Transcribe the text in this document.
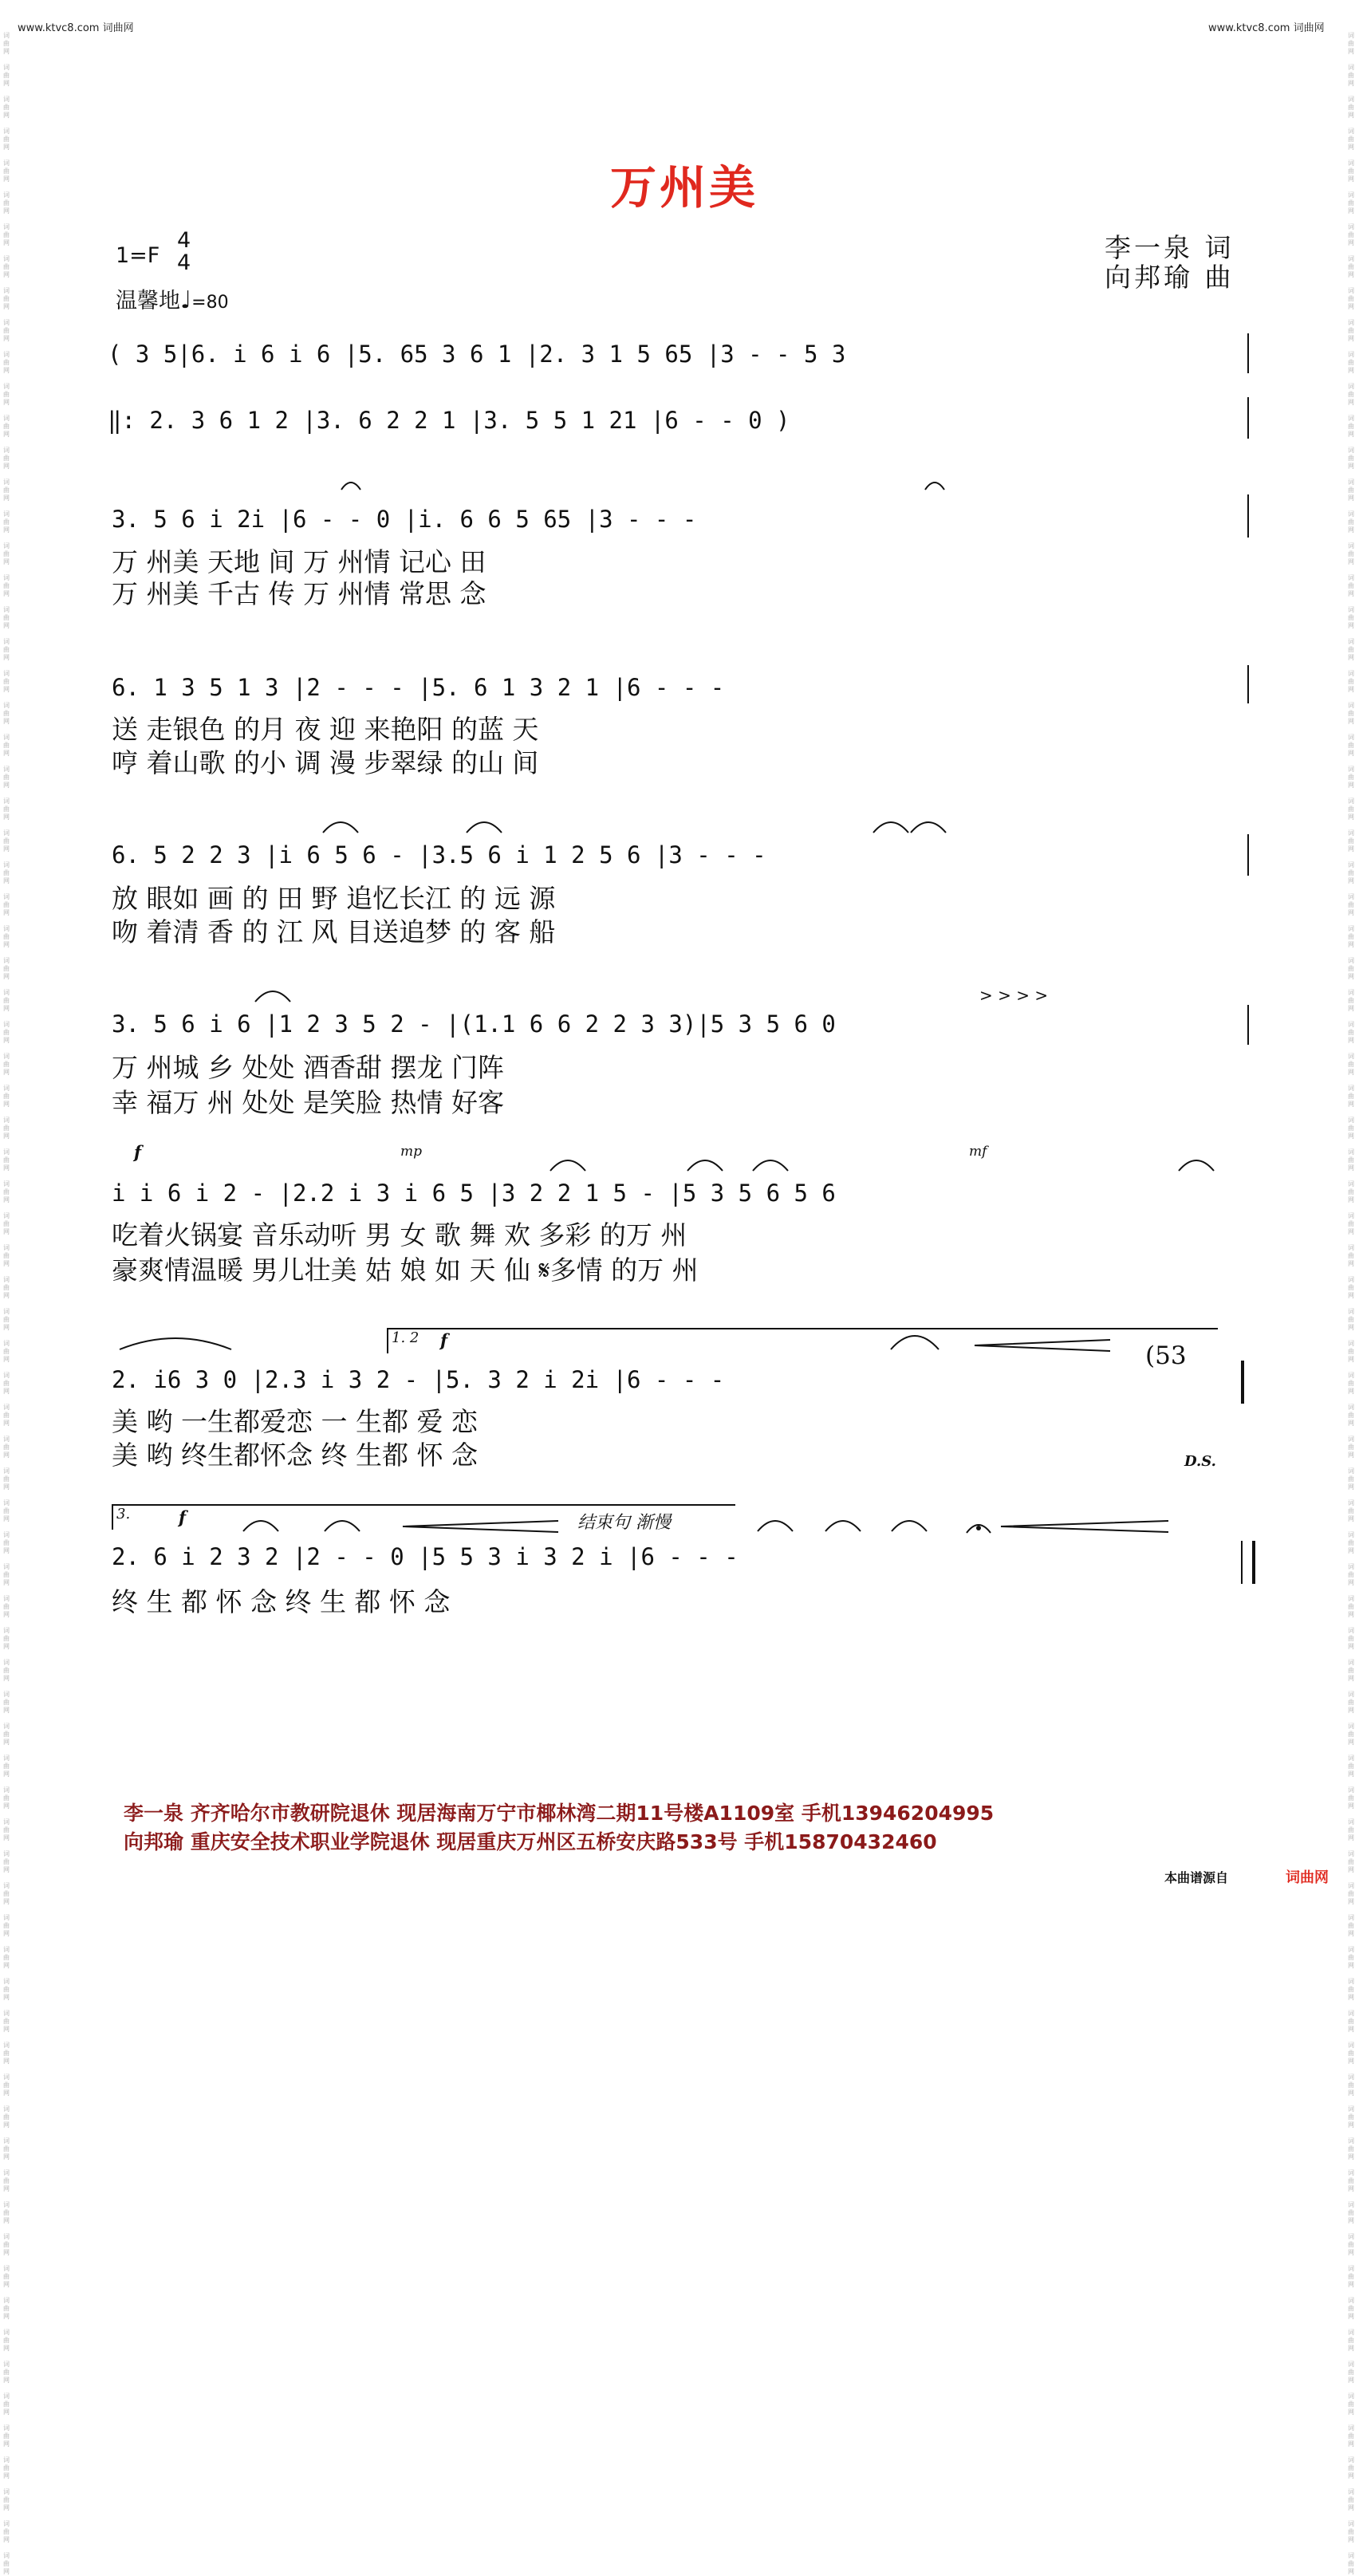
www.ktvc8.com 词曲网	www.ktvc8.com 词曲网
词
曲
网

词
曲
网

词
曲
网

词
曲
网

词
曲
网

词
曲
网

词
曲
网

词
曲
网

词
曲
网

词
曲
网

词
曲
网

词
曲
网

词
曲
网

词
曲
网

词
曲
网

词
曲
网

词
曲
网

词
曲
网

词
曲
网

词
曲
网

词
曲
网

词
曲
网

词
曲
网

词
曲
网

词
曲
网

词
曲
网

词
曲
网

词
曲
网

词
曲
网

词
曲
网

词
曲
网

词
曲
网

词
曲
网

词
曲
网

词
曲
网

词
曲
网

词
曲
网

词
曲
网

词
曲
网

词
曲
网

词
曲
网

词
曲
网

词
曲
网

词
曲
网

词
曲
网

词
曲
网

词
曲
网

词
曲
网

词
曲
网

词
曲
网

词
曲
网

词
曲
网

词
曲
网

词
曲
网

词
曲
网

词
曲
网

词
曲
网

词
曲
网

词
曲
网

词
曲
网

词
曲
网

词
曲
网

词
曲
网

词
曲
网

词
曲
网

词
曲
网

词
曲
网

词
曲
网

词
曲
网

词
曲
网

词
曲
网

词
曲
网

词
曲
网

词
曲
网

词
曲
网

词
曲
网

词
曲
网

词
曲
网

词
曲
网

词
曲
网

词
曲
网

词
曲
网

词
曲
网

词
曲
网

词
曲
网

词
曲
网

词
曲
网

词
曲
网

词
曲
网

词
曲
网

词
曲
网

词
曲
网

词
曲
网

词
曲
网

词
曲
网

词
曲
网

词
曲
网

词
曲
网

词
曲
网

词
曲
网

词
曲
网

词
曲
网

词
曲
网

词
曲
网

词
曲
网

词
曲
网

词
曲
网

词
曲
网

词
曲
网

词
曲
网

词
曲
网

词
曲
网

词
曲
网

词
曲
网

词
曲
网

词
曲
网

词
曲
网

词
曲
网

词
曲
网

词
曲
网

词
曲
网

词
曲
网

词
曲
网

词
曲
网

词
曲
网

词
曲
网

词
曲
网

词
曲
网

词
曲
网

词
曲
网

词
曲
网

词
曲
网

词
曲
网

词
曲
网

词
曲
网

词
曲
网

词
曲
网

词
曲
网

词
曲
网

词
曲
网

词
曲
网

词
曲
网

词
曲
网

词
曲
网

词
曲
网

词
曲
网

词
曲
网

词
曲
网

词
曲
网

词
曲
网

词
曲
网

词
曲
网

词
曲
网

词
曲
网

词
曲
网

词
曲
网

词
曲
网

词
曲
网

词
曲
网

词
曲
网

万州美
1=F
4
4
温馨地♩=80
李一泉 词
向邦瑜 曲
( 3 5|6. i 6 i 6 |5. 65 3 6 1 |2. 3 1 5 65 |3 - - 5 3
‖: 2. 3 6 1 2 |3. 6 2 2 1 |3. 5 5 1 21 |6 - - 0 )
3. 5 6 i 2i |6 - - 0 |i. 6 6 5 65 |3 - - -
万 州美 天地 间 万 州情 记心 田
万 州美 千古 传 万 州情 常思 念
6. 1 3 5 1 3 |2 - - - |5. 6 1 3 2 1 |6 - - -
送 走银色 的月 夜 迎 来艳阳 的蓝 天
哼 着山歌 的小 调 漫 步翠绿 的山 间
6. 5 2 2 3 |i 6 5 6 - |3.5 6 i 1 2 5 6 |3 - - -
放 眼如 画 的 田 野 追忆长江 的 远 源
吻 着清 香 的 江 风 目送追梦 的 客 船
3. 5 6 i 6 |1 2 3 5 2 - |(1.1 6 6 2 2 3 3)|5 3 5 6 0
万 州城 乡 处处 酒香甜 摆龙 门阵
幸 福万 州 处处 是笑脸 热情 好客
i i 6 i 2 - |2.2 i 3 i 6 5 |3 2 2 1 5 - |5 3 5 6 5 6
吃着火锅宴 音乐动听 男 女 歌 舞 欢 多彩 的万 州
豪爽情温暖 男儿壮美 姑 娘 如 天 仙 𝄋多情 的万 州
2. i6 3 0 |2.3 i 3 2 - |5. 3 2 i 2i |6 - - -
美 哟 一生都爱恋 一 生都 爱 恋
美 哟 终生都怀念 终 生都 怀 念
2. 6 i 2 3 2 |2 - - 0 |5 5 3 i 3 2 i |6 - - -
终 生 都 怀 念 终 生 都 怀 念
f	mp	mf
f
f
> > > >
(53
D.S.
结束句 渐慢
1. 2
3.
李一泉 齐齐哈尔市教研院退休 现居海南万宁市椰林湾二期11号楼A1109室 手机13946204995
向邦瑜 重庆安全技术职业学院退休 现居重庆万州区五桥安庆路533号 手机15870432460
本曲谱源自	词曲网
